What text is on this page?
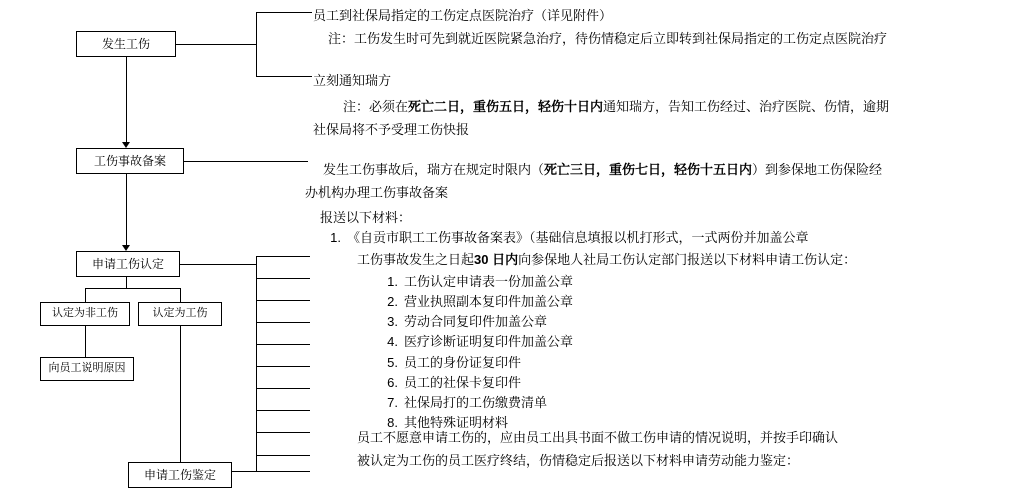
发生工伤
工伤事故备案
申请工伤认定
认定为非工伤	认定为工伤
向员工说明原因
申请工伤鉴定
员工到社保局指定的工伤定点医院治疗（详见附件）
注：工伤发生时可先到就近医院紧急治疗，待伤情稳定后立即转到社保局指定的工伤定点医院治疗
立刻通知瑞方
注：必须在死亡二日，重伤五日，轻伤十日内通知瑞方，告知工伤经过、治疗医院、伤情，逾期
社保局将不予受理工伤快报
发生工伤事故后，瑞方在规定时限内（死亡三日，重伤七日，轻伤十五日内）到参保地工伤保险经
办机构办理工伤事故备案
报送以下材料：
1. 《自贡市职工工伤事故备案表》（基础信息填报以机打形式，一式两份并加盖公章
工伤事故发生之日起30 日内向参保地人社局工伤认定部门报送以下材料申请工伤认定：
1. 工伤认定申请表一份加盖公章
2. 营业执照副本复印件加盖公章
3. 劳动合同复印件加盖公章
4. 医疗诊断证明复印件加盖公章
5. 员工的身份证复印件
6. 员工的社保卡复印件
7. 社保局打的工伤缴费清单
8. 其他特殊证明材料
员工不愿意申请工伤的，应由员工出具书面不做工伤申请的情况说明，并按手印确认
被认定为工伤的员工医疗终结，伤情稳定后报送以下材料申请劳动能力鉴定：
